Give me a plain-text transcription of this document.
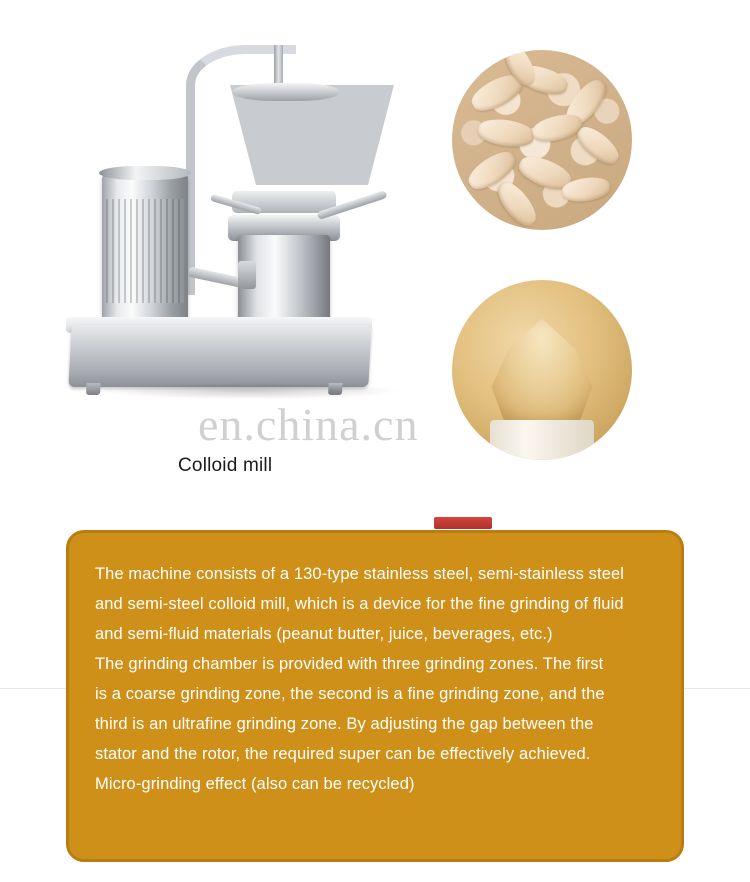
en.china.cn
Colloid mill

The machine consists of a 130-type stainless steel, semi-stainless steel

and semi-steel colloid mill, which is a device for the fine grinding of fluid

and semi-fluid materials (peanut butter, juice, beverages, etc.)

The grinding chamber is provided with three grinding zones. The first

is a coarse grinding zone, the second is a fine grinding zone, and the

third is an ultrafine grinding zone. By adjusting the gap between the

stator and the rotor, the required super can be effectively achieved.

Micro-grinding effect (also can be recycled)
